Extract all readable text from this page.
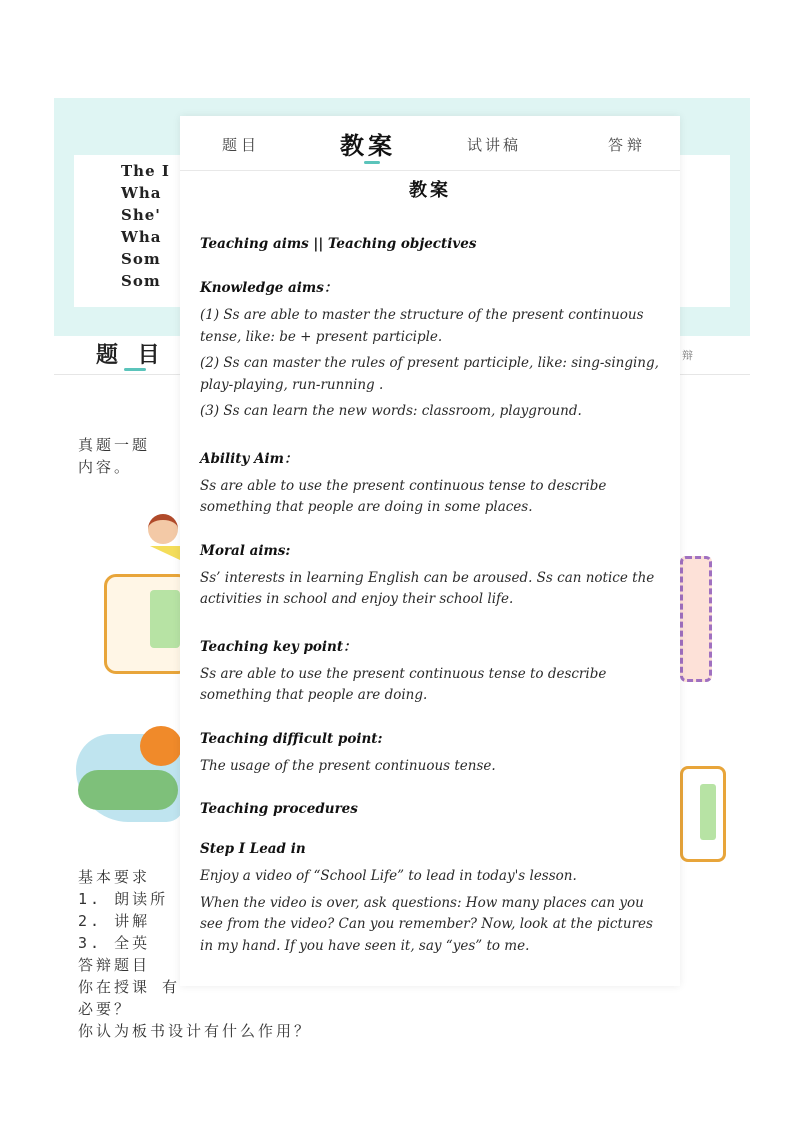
The I
Wha
She'
Wha
Som
Som
题 目	辩
真题一题
内容。
基本要求
1. 朗读所
2. 讲解
3. 全英
答辩题目
你在授课 有
必要？
你认为板书设计有什么作用？
题目	教案	试讲稿	答辩
教案

Teaching aims || Teaching objectives

Knowledge aims：

(1) Ss are able to master the structure of the present continuous tense, like: be + present participle.

(2) Ss can master the rules of present participle, like: sing-singing, play-playing, run-running .

(3) Ss can learn the new words: classroom, playground.

Ability Aim：

Ss are able to use the present continuous tense to describe something that people are doing in some places.

Moral aims:

Ss’ interests in learning English can be aroused. Ss can notice the activities in school and enjoy their school life.

Teaching key point：

Ss are able to use the present continuous tense to describe something that people are doing.

Teaching difficult point:

The usage of the present continuous tense.

Teaching procedures

Step I Lead in

Enjoy a video of “School Life” to lead in today's lesson.

When the video is over, ask questions: How many places can you see from the video? Can you remember? Now, look at the pictures in my hand. If you have seen it, say “yes” to me.
